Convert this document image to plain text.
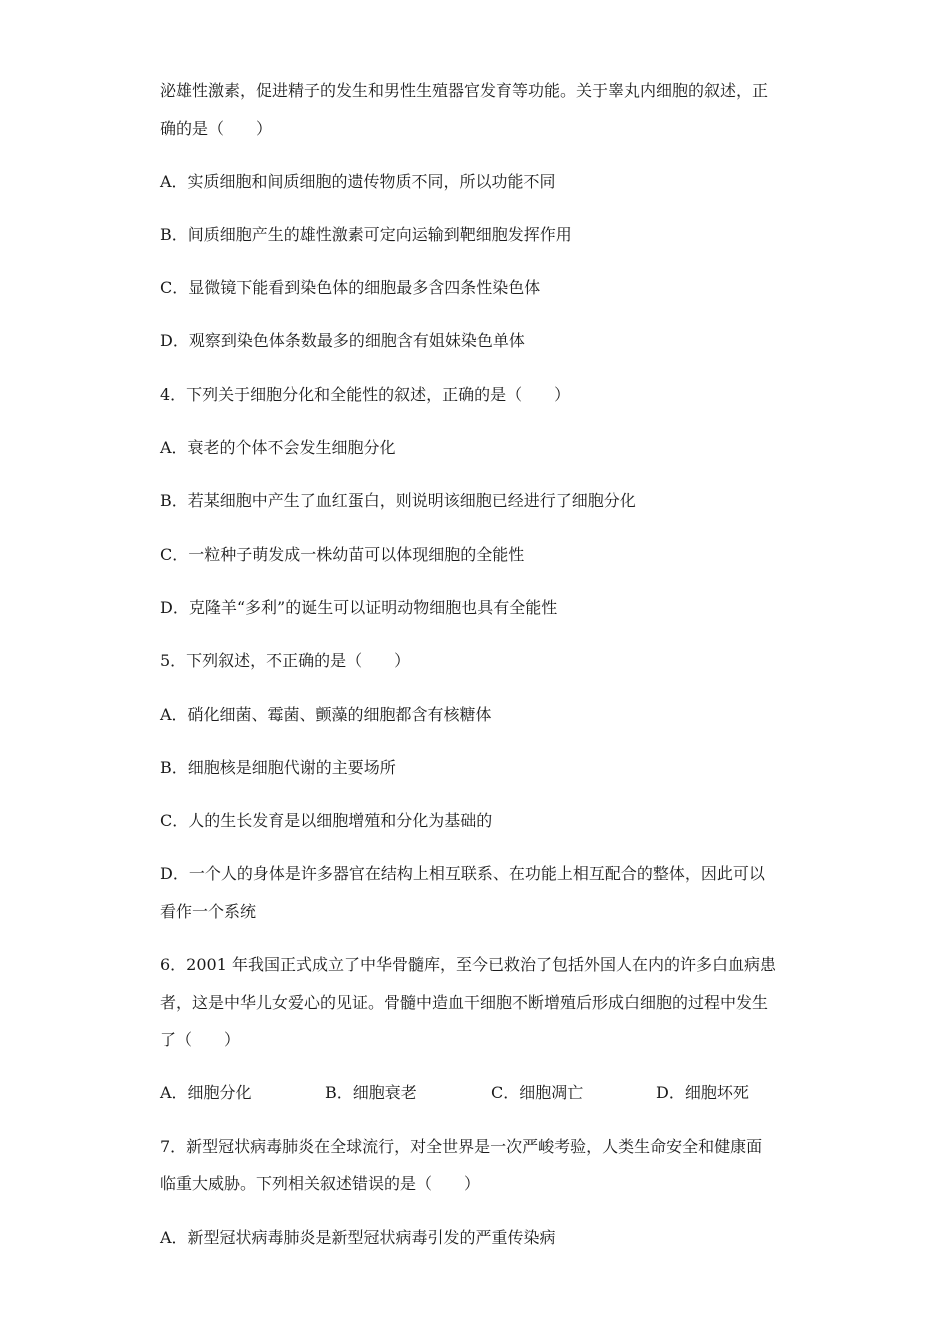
泌雄性激素，促进精子的发生和男性生殖器官发育等功能。关于睾丸内细胞的叙述，正
确的是（　　）
A．实质细胞和间质细胞的遗传物质不同，所以功能不同
B．间质细胞产生的雄性激素可定向运输到靶细胞发挥作用
C．显微镜下能看到染色体的细胞最多含四条性染色体
D．观察到染色体条数最多的细胞含有姐妹染色单体
4．下列关于细胞分化和全能性的叙述，正确的是（　　）
A．衰老的个体不会发生细胞分化
B．若某细胞中产生了血红蛋白，则说明该细胞已经进行了细胞分化
C．一粒种子萌发成一株幼苗可以体现细胞的全能性
D．克隆羊“多利”的诞生可以证明动物细胞也具有全能性
5．下列叙述，不正确的是（　　）
A．硝化细菌、霉菌、颤藻的细胞都含有核糖体
B．细胞核是细胞代谢的主要场所
C．人的生长发育是以细胞增殖和分化为基础的
D．一个人的身体是许多器官在结构上相互联系、在功能上相互配合的整体，因此可以
看作一个系统
6．2001 年我国正式成立了中华骨髓库，至今已救治了包括外国人在内的许多白血病患
者，这是中华儿女爱心的见证。骨髓中造血干细胞不断增殖后形成白细胞的过程中发生
了（　　）
A．细胞分化	B．细胞衰老	C．细胞凋亡	D．细胞坏死
7．新型冠状病毒肺炎在全球流行，对全世界是一次严峻考验，人类生命安全和健康面
临重大威胁。下列相关叙述错误的是（　　）
A．新型冠状病毒肺炎是新型冠状病毒引发的严重传染病
